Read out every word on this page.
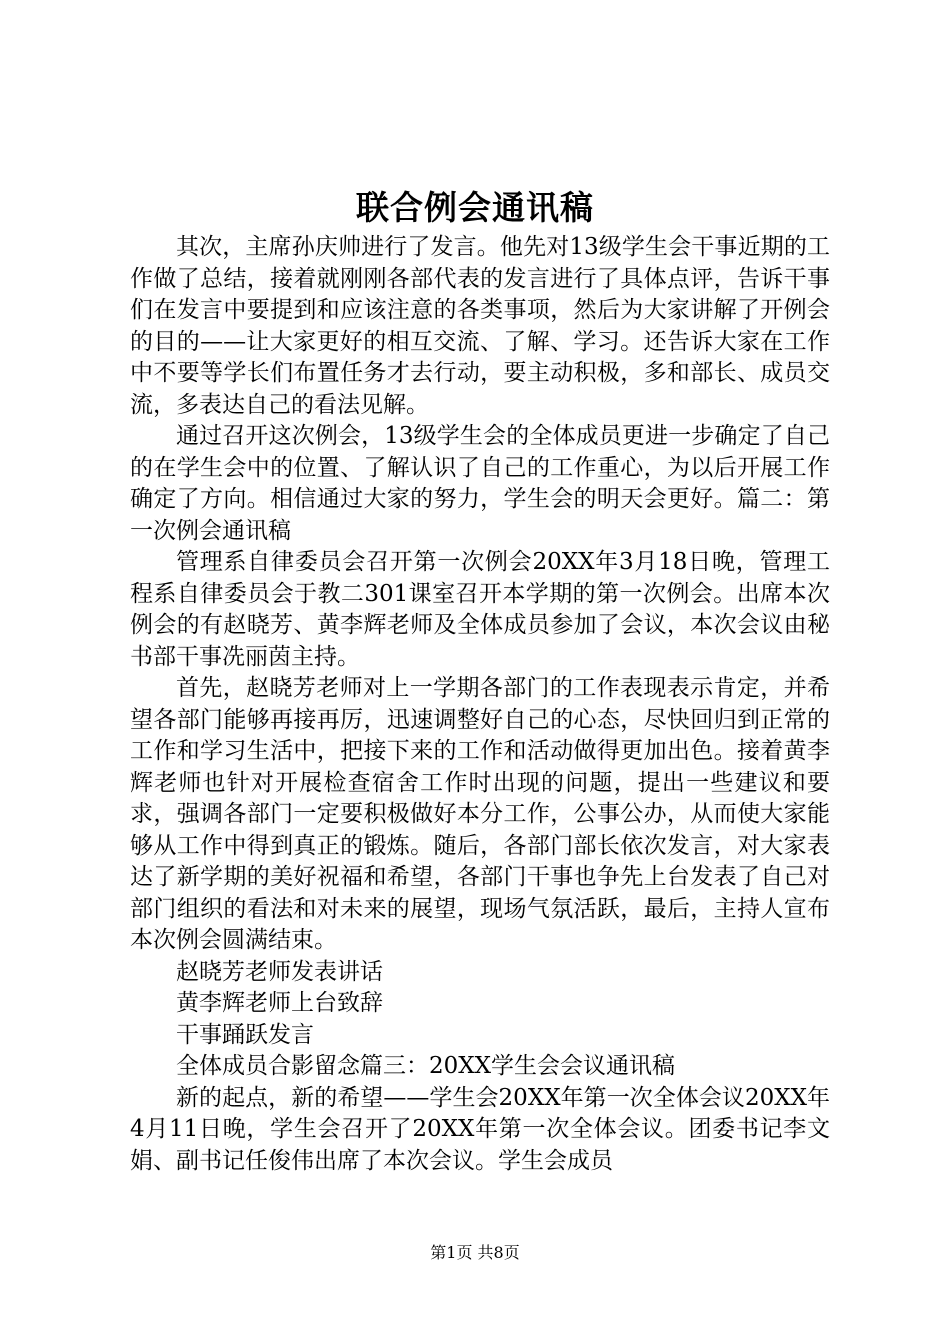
联合例会通讯稿

其次，主席孙庆帅进行了发言。他先对13级学生会干事近期的工作做了总结，接着就刚刚各部代表的发言进行了具体点评，告诉干事们在发言中要提到和应该注意的各类事项，然后为大家讲解了开例会的目的——让大家更好的相互交流、了解、学习。还告诉大家在工作中不要等学长们布置任务才去行动，要主动积极，多和部长、成员交流，多表达自己的看法见解。

通过召开这次例会，13级学生会的全体成员更进一步确定了自己的在学生会中的位置、了解认识了自己的工作重心，为以后开展工作确定了方向。相信通过大家的努力，学生会的明天会更好。篇二：第一次例会通讯稿

管理系自律委员会召开第一次例会20XX年3月18日晚，管理工程系自律委员会于教二301课室召开本学期的第一次例会。出席本次例会的有赵晓芳、黄李辉老师及全体成员参加了会议，本次会议由秘书部干事冼丽茵主持。

首先，赵晓芳老师对上一学期各部门的工作表现表示肯定，并希望各部门能够再接再厉，迅速调整好自己的心态，尽快回归到正常的工作和学习生活中，把接下来的工作和活动做得更加出色。接着黄李辉老师也针对开展检查宿舍工作时出现的问题，提出一些建议和要求，强调各部门一定要积极做好本分工作，公事公办，从而使大家能够从工作中得到真正的锻炼。随后，各部门部长依次发言，对大家表达了新学期的美好祝福和希望，各部门干事也争先上台发表了自己对部门组织的看法和对未来的展望，现场气氛活跃，最后，主持人宣布本次例会圆满结束。

赵晓芳老师发表讲话

黄李辉老师上台致辞

干事踊跃发言

全体成员合影留念篇三：20XX学生会会议通讯稿

新的起点，新的希望——学生会20XX年第一次全体会议20XX年4月11日晚，学生会召开了20XX年第一次全体会议。团委书记李文娟、副书记任俊伟出席了本次会议。学生会成员

第1页 共8页
